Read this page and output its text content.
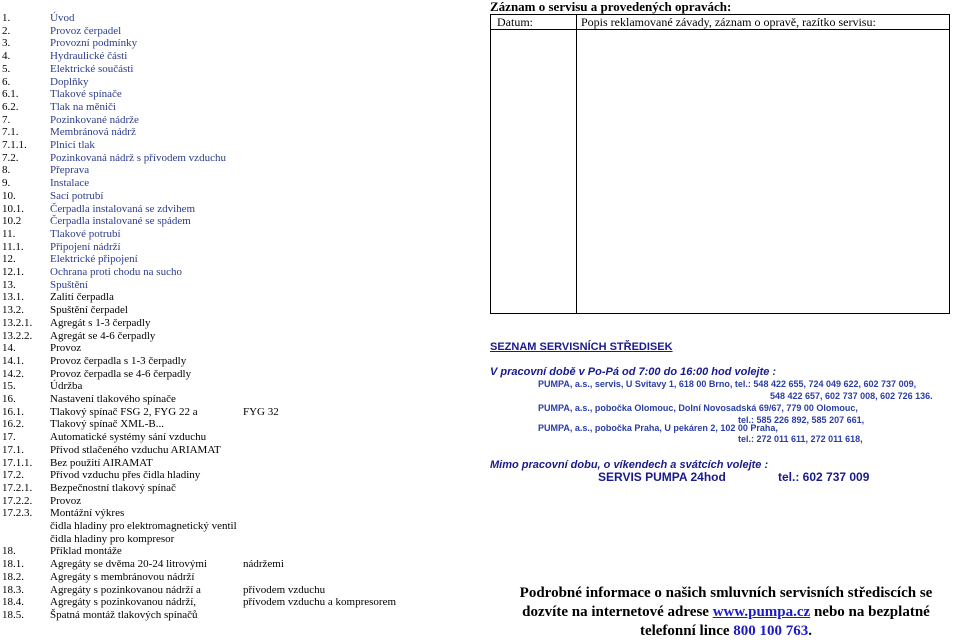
1.	Úvod
2.	Provoz čerpadel
3.	Provozní podmínky
4.	Hydraulické části
5.	Elektrické součásti
6.	Doplňky
6.1.	Tlakové spínače
6.2.	Tlak na měniči
7.	Pozinkované nádrže
7.1.	Membránová nádrž
7.1.1. Plnicí tlak
7.2.	Pozinkovaná nádrž s přívodem vzduchu
8.	Přeprava
9.	Instalace
10.	Sací potrubí
10.1. Čerpadla instalovaná se zdvihem
10.2	Čerpadla instalované se spádem
11.	Tlakové potrubí
11.1. Připojení nádrží
12.	Elektrické připojení
12.1. Ochrana proti chodu na sucho
13.	Spuštění
13.1. Zalití čerpadla
13.2. Spuštění čerpadel
13.2.1. Agregát s 1-3 čerpadly
13.2.2. Agregát se 4-6 čerpadly
14.	Provoz
14.1. Provoz čerpadla s 1-3 čerpadly
14.2. Provoz čerpadla se 4-6 čerpadly
15.	Údržba
16.	Nastavení tlakového spínače
16.1. Tlakový spínač FSG 2, FYG 22 a	FYG 32
16.2. Tlakový spínač XML-B...
17.	Automatické systémy sání vzduchu
17.1. Přívod stlačeného vzduchu ARIAMAT
17.1.1. Bez použití AIRAMAT
17.2. Přívod vzduchu přes čidla hladiny
17.2.1. Bezpečnostní tlakový spínač
17.2.2. Provoz
17.2.3. Montážní výkres
čidla hladiny pro elektromagnetický ventil
čidla hladiny pro kompresor
18.	Příklad montáže
18.1. Agregáty se dvěma 20-24 litrovými	nádržemi
18.2. Agregáty s membránovou nádrží
18.3. Agregáty s pozinkovanou nádrží a	přívodem vzduchu
18.4. Agregáty s pozinkovanou nádrží,	přívodem vzduchu a kompresorem
18.5. Špatná montáž tlakových spínačů
Záznam o servisu a provedených opravách:
Datum:	Popis reklamované závady, záznam o opravě, razítko servisu:
SEZNAM SERVISNÍCH STŘEDISEK
V pracovní době v Po-Pá od 7:00 do 16:00 hod volejte :
PUMPA, a.s., servis, U Svitavy 1, 618 00 Brno, tel.: 548 422 655, 724 049 622, 602 737 009,
548 422 657, 602 737 008, 602 726 136.
PUMPA, a.s., pobočka Olomouc, Dolní Novosadská 69/67, 779 00 Olomouc,
tel.: 585 226 892, 585 207 661,
PUMPA, a.s., pobočka Praha, U pekáren 2, 102 00 Praha,
tel.: 272 011 611, 272 011 618,
Mimo pracovní dobu, o víkendech a svátcích volejte :
SERVIS PUMPA 24hod	tel.: 602 737 009
Podrobné informace o našich smluvních servisních střediscích se
dozvíte na internetové adrese www.pumpa.cz nebo na bezplatné
telefonní lince 800 100 763.
